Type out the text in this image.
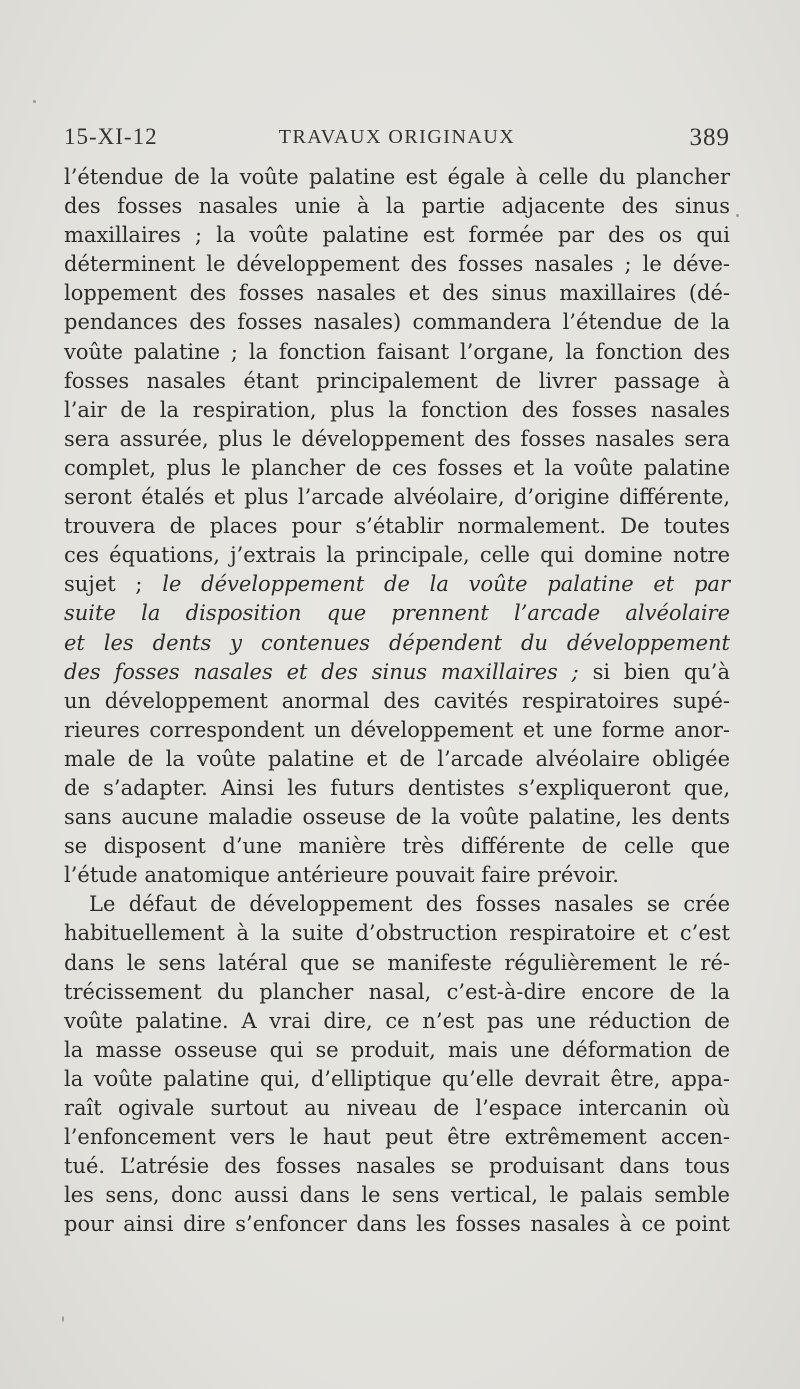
15-XI-12	TRAVAUX ORIGINAUX	389
l’étendue de la voûte palatine est égale à celle du plancher
des fosses nasales unie à la partie adjacente des sinus
maxillaires ; la voûte palatine est formée par des os qui
déterminent le développement des fosses nasales ; le déve-
loppement des fosses nasales et des sinus maxillaires (dé-
pendances des fosses nasales) commandera l’étendue de la
voûte palatine ; la fonction faisant l’organe, la fonction des
fosses nasales étant principalement de livrer passage à
l’air de la respiration, plus la fonction des fosses nasales
sera assurée, plus le développement des fosses nasales sera
complet, plus le plancher de ces fosses et la voûte palatine
seront étalés et plus l’arcade alvéolaire, d’origine différente,
trouvera de places pour s’établir normalement. De toutes
ces équations, j’extrais la principale, celle qui domine notre
sujet ; le développement de la voûte palatine et par
suite la disposition que prennent l’arcade alvéolaire
et les dents y contenues dépendent du développement
des fosses nasales et des sinus maxillaires ; si bien qu’à
un développement anormal des cavités respiratoires supé-
rieures correspondent un développement et une forme anor-
male de la voûte palatine et de l’arcade alvéolaire obligée
de s’adapter. Ainsi les futurs dentistes s’expliqueront que,
sans aucune maladie osseuse de la voûte palatine, les dents
se disposent d’une manière très différente de celle que
l’étude anatomique antérieure pouvait faire prévoir.
Le défaut de développement des fosses nasales se crée
habituellement à la suite d’obstruction respiratoire et c’est
dans le sens latéral que se manifeste régulièrement le ré-
trécissement du plancher nasal, c’est-à-dire encore de la
voûte palatine. A vrai dire, ce n’est pas une réduction de
la masse osseuse qui se produit, mais une déformation de
la voûte palatine qui, d’elliptique qu’elle devrait être, appa-
raît ogivale surtout au niveau de l’espace intercanin où
l’enfoncement vers le haut peut être extrêmement accen-
tué. L’atrésie des fosses nasales se produisant dans tous
les sens, donc aussi dans le sens vertical, le palais semble
pour ainsi dire s’enfoncer dans les fosses nasales à ce point
